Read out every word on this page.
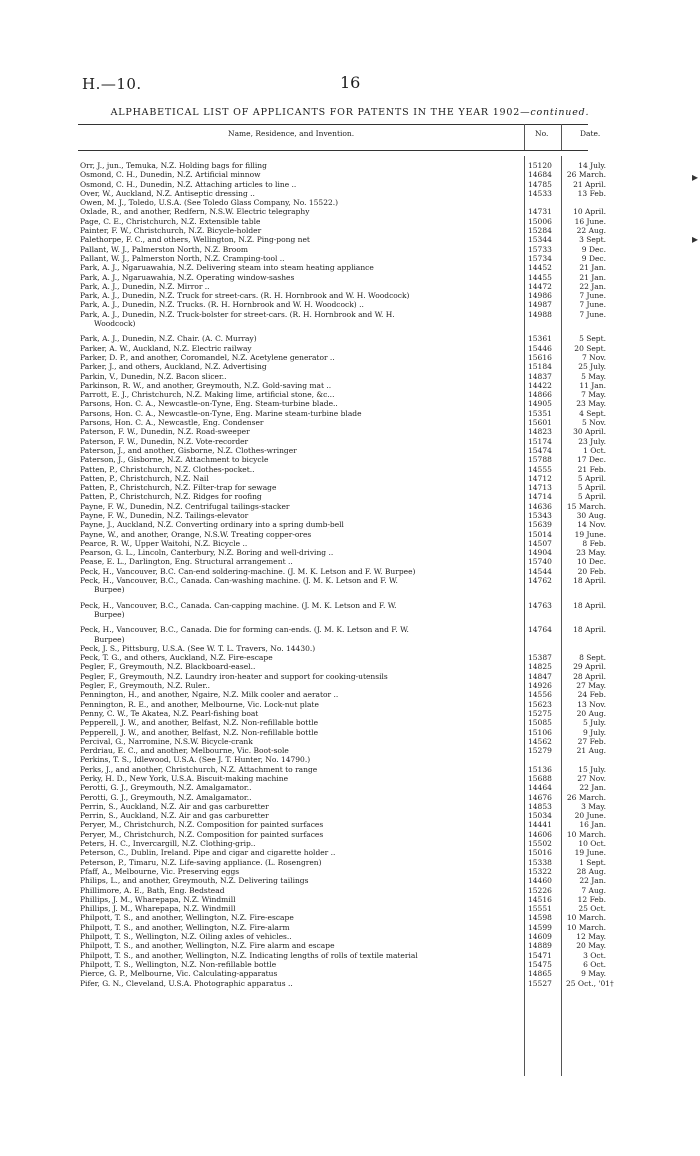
H.—10.	16
ALPHABETICAL LIST OF APPLICANTS FOR PATENTS IN THE YEAR 1902—continued.
Name, Residence, and Invention.	No.	Date.
Orr, J., jun., Temuka, N.Z. Holding bags for filling	15120	14 July.
Osmond, C. H., Dunedin, N.Z. Artificial minnow	14684	26 March.
Osmond, C. H., Dunedin, N.Z. Attaching articles to line ..	14785	21 April.
Over, W., Auckland, N.Z. Antiseptic dressing ..	14533	13 Feb.
Owen, M. J., Toledo, U.S.A. (See Toledo Glass Company, No. 15522.)
Oxlade, R., and another, Redfern, N.S.W. Electric telegraphy	14731	10 April.
Page, C. E., Christchurch, N.Z. Extensible table	15006	16 June.
Painter, F. W., Christchurch, N.Z. Bicycle-holder	15284	22 Aug.
Palethorpe, F. C., and others, Wellington, N.Z. Ping-pong net	15344	3 Sept.
Pallant, W. J., Palmerston North, N.Z. Broom	15733	9 Dec.
Pallant, W. J., Palmerston North, N.Z. Cramping-tool ..	15734	9 Dec.
Park, A. J., Ngaruawahia, N.Z. Delivering steam into steam heating appliance	14452	21 Jan.
Park, A. J., Ngaruawahia, N.Z. Operating window-sashes	14455	21 Jan.
Park, A. J., Dunedin, N.Z. Mirror ..	14472	22 Jan.
Park, A. J., Dunedin, N.Z. Truck for street-cars. (R. H. Hornbrook and W. H. Woodcock)	14986	7 June.
Park, A. J., Dunedin, N.Z. Trucks. (R. H. Hornbrook and W. H. Woodcock) ..	14987	7 June.
Park, A. J., Dunedin, N.Z. Truck-bolster for street-cars. (R. H. Hornbrook and W. H.	14988	7 June.
Woodcock)
Park, A. J., Dunedin, N.Z. Chair. (A. C. Murray)	15361	5 Sept.
Parker, A. W., Auckland, N.Z. Electric railway	15446	20 Sept.
Parker, D. P., and another, Coromandel, N.Z. Acetylene generator ..	15616	7 Nov.
Parker, J., and others, Auckland, N.Z. Advertising	15184	25 July.
Parkin, V., Dunedin, N.Z. Bacon slicer..	14837	5 May.
Parkinson, R. W., and another, Greymouth, N.Z. Gold-saving mat ..	14422	11 Jan.
Parrott, E. J., Christchurch, N.Z. Making lime, artificial stone, &c...	14866	7 May.
Parsons, Hon. C. A., Newcastle-on-Tyne, Eng. Steam-turbine blade..	14905	23 May.
Parsons, Hon. C. A., Newcastle-on-Tyne, Eng. Marine steam-turbine blade	15351	4 Sept.
Parsons, Hon. C. A., Newcastle, Eng. Condenser	15601	5 Nov.
Paterson, F. W., Dunedin, N.Z. Road-sweeper	14823	30 April.
Paterson, F. W., Dunedin, N.Z. Vote-recorder	15174	23 July.
Paterson, J., and another, Gisborne, N.Z. Clothes-wringer	15474	1 Oct.
Paterson, J., Gisborne, N.Z. Attachment to bicycle	15788	17 Dec.
Patten, P., Christchurch, N.Z. Clothes-pocket..	14555	21 Feb.
Patten, P., Christchurch, N.Z. Nail	14712	5 April.
Patten, P., Christchurch, N.Z. Filter-trap for sewage	14713	5 April.
Patten, P., Christchurch, N.Z. Ridges for roofing	14714	5 April.
Payne, F. W., Dunedin, N.Z. Centrifugal tailings-stacker	14636	15 March.
Payne, F. W., Dunedin, N.Z. Tailings-elevator	15343	30 Aug.
Payne, J., Auckland, N.Z. Converting ordinary into a spring dumb-bell	15639	14 Nov.
Payne, W., and another, Orange, N.S.W. Treating copper-ores	15014	19 June.
Pearce, R. W., Upper Waitohi, N.Z. Bicycle ..	14507	8 Feb.
Pearson, G. L., Lincoln, Canterbury, N.Z. Boring and well-driving ..	14904	23 May.
Pease, E. L., Darlington, Eng. Structural arrangement ..	15740	10 Dec.
Peck, H., Vancouver, B.C. Can-end soldering-machine. (J. M. K. Letson and F. W. Burpee)	14544	20 Feb.
Peck, H., Vancouver, B.C., Canada. Can-washing machine. (J. M. K. Letson and F. W.	14762	18 April.
Burpee)
Peck, H., Vancouver, B.C., Canada. Can-capping machine. (J. M. K. Letson and F. W.	14763	18 April.
Burpee)
Peck, H., Vancouver, B.C., Canada. Die for forming can-ends. (J. M. K. Letson and F. W.	14764	18 April.
Burpee)
Peck, J. S., Pittsburg, U.S.A. (See W. T. L. Travers, No. 14430.)
Peck, T. G., and others, Auckland, N.Z. Fire-escape	15387	8 Sept.
Pegler, F., Greymouth, N.Z. Blackboard-easel..	14825	29 April.
Pegler, F., Greymouth, N.Z. Laundry iron-heater and support for cooking-utensils	14847	28 April.
Pegler, F., Greymouth, N.Z. Ruler..	14926	27 May.
Pennington, H., and another, Ngaire, N.Z. Milk cooler and aerator ..	14556	24 Feb.
Pennington, R. E., and another, Melbourne, Vic. Lock-nut plate	15623	13 Nov.
Penny, C. W., Te Akatea, N.Z. Pearl-fishing boat	15275	20 Aug.
Pepperell, J. W., and another, Belfast, N.Z. Non-refillable bottle	15085	5 July.
Pepperell, J. W., and another, Belfast, N.Z. Non-refillable bottle	15106	9 July.
Percival, G., Narromine, N.S.W. Bicycle-crank	14562	27 Feb.
Perdriau, E. C., and another, Melbourne, Vic. Boot-sole	15279	21 Aug.
Perkins, T. S., Idlewood, U.S.A. (See J. T. Hunter, No. 14790.)
Perks, J., and another, Christchurch, N.Z. Attachment to range	15136	15 July.
Perky, H. D., New York, U.S.A. Biscuit-making machine	15688	27 Nov.
Perotti, G. J., Greymouth, N.Z. Amalgamator..	14464	22 Jan.
Perotti, G. J., Greymouth, N.Z. Amalgamator..	14676	26 March.
Perrin, S., Auckland, N.Z. Air and gas carburetter	14853	3 May.
Perrin, S., Auckland, N.Z. Air and gas carburetter	15034	20 June.
Peryer, M., Christchurch, N.Z. Composition for painted surfaces	14441	16 Jan.
Peryer, M., Christchurch, N.Z. Composition for painted surfaces	14606	10 March.
Peters, H. C., Invercargill, N.Z. Clothing-grip..	15502	10 Oct.
Peterson, C., Dublin, Ireland. Pipe and cigar and cigarette holder ..	15016	19 June.
Peterson, P., Timaru, N.Z. Life-saving appliance. (L. Rosengren)	15338	1 Sept.
Pfaff, A., Melbourne, Vic. Preserving eggs	15322	28 Aug.
Philips, L., and another, Greymouth, N.Z. Delivering tailings	14460	22 Jan.
Phillimore, A. E., Bath, Eng. Bedstead	15226	7 Aug.
Phillips, J. M., Wharepapa, N.Z. Windmill	14516	12 Feb.
Phillips, J. M., Wharepapa, N.Z. Windmill	15551	25 Oct.
Philpott, T. S., and another, Wellington, N.Z. Fire-escape	14598	10 March.
Philpott, T. S., and another, Wellington, N.Z. Fire-alarm	14599	10 March.
Philpott, T. S., Wellington, N.Z. Oiling axles of vehicles..	14609	12 May.
Philpott, T. S., and another, Wellington, N.Z. Fire alarm and escape	14889	20 May.
Philpott, T. S., and another, Wellington, N.Z. Indicating lengths of rolls of textile material	15471	3 Oct.
Philpott, T. S., Wellington, N.Z. Non-refillable bottle	15475	6 Oct.
Pierce, G. P., Melbourne, Vic. Calculating-apparatus	14865	9 May.
Pifer, G. N., Cleveland, U.S.A. Photographic apparatus ..	15527	25 Oct., '01†
▸
▸
